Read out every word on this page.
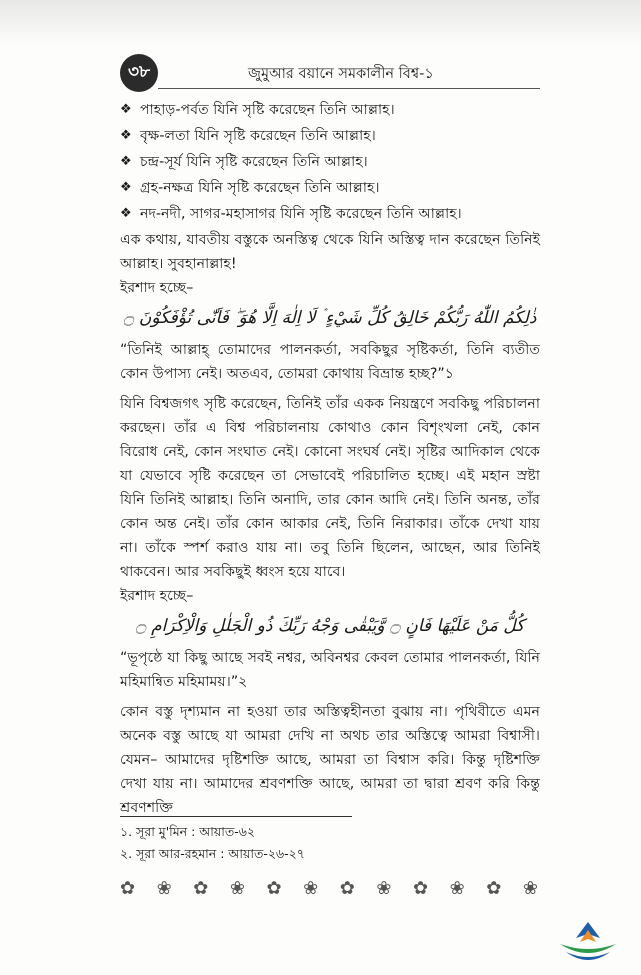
৩৮	জুমুআর বয়ানে সমকালীন বিশ্ব-১
❖ পাহাড়-পর্বত যিনি সৃষ্টি করেছেন তিনি আল্লাহ।
❖ বৃক্ষ-লতা যিনি সৃষ্টি করেছেন তিনি আল্লাহ।
❖ চন্দ্র-সূর্য যিনি সৃষ্টি করেছেন তিনি আল্লাহ।
❖ গ্রহ-নক্ষত্র যিনি সৃষ্টি করেছেন তিনি আল্লাহ।
❖ নদ-নদী, সাগর-মহাসাগর যিনি সৃষ্টি করেছেন তিনি আল্লাহ।

এক কথায়, যাবতীয় বস্তুকে অনস্তিত্ব থেকে যিনি অস্তিত্ব দান করেছেন তিনিই আল্লাহ। সুবহানাল্লাহ!

ইরশাদ হচ্ছে–

ذٰلِكُمُ اللّٰهُ رَبُّكُمْ خَالِقُ كُلِّ شَيْءٍ ۘ لَا اِلٰهَ اِلَّا هُوَ ۖ فَاَنّٰى تُؤْفَكُوْنَ ۝

“তিনিই আল্লাহ্ তোমাদের পালনকর্তা, সবকিছুর সৃষ্টিকর্তা, তিনি ব্যতীত কোন উপাস্য নেই। অতএব, তোমরা কোথায় বিভ্রান্ত হচ্ছ?”১

যিনি বিশ্বজগৎ সৃষ্টি করেছেন, তিনিই তাঁর একক নিয়ন্ত্রণে সবকিছু পরিচালনা করছেন। তাঁর এ বিশ্ব পরিচালনায় কোথাও কোন বিশৃংখলা নেই, কোন বিরোধ নেই, কোন সংঘাত নেই। কোনো সংঘর্ষ নেই। সৃষ্টির আদিকাল থেকে যা যেভাবে সৃষ্টি করেছেন তা সেভাবেই পরিচালিত হচ্ছে। এই মহান স্রষ্টা যিনি তিনিই আল্লাহ। তিনি অনাদি, তার কোন আদি নেই। তিনি অনন্ত, তাঁর কোন অন্ত নেই। তাঁর কোন আকার নেই, তিনি নিরাকার। তাঁকে দেখা যায় না। তাঁকে স্পর্শ করাও যায় না। তবু তিনি ছিলেন, আছেন, আর তিনিই থাকবেন। আর সবকিছুই ধ্বংস হয়ে যাবে।

ইরশাদ হচ্ছে–

كُلُّ مَنْ عَلَيْهَا فَانٍ ۝ وَّيَبْقٰى وَجْهُ رَبِّكَ ذُو الْجَلٰلِ وَالْاِكْرَامِ ۝

“ভূপৃষ্ঠে যা কিছু আছে সবই নশ্বর, অবিনশ্বর কেবল তোমার পালনকর্তা, যিনি মহিমান্বিত মহিমাময়।”২

কোন বস্তু দৃশ্যমান না হওয়া তার অস্তিত্বহীনতা বুঝায় না। পৃথিবীতে এমন অনেক বস্তু আছে যা আমরা দেখি না অথচ তার অস্তিত্বে আমরা বিশ্বাসী। যেমন– আমাদের দৃষ্টিশক্তি আছে, আমরা তা বিশ্বাস করি। কিন্তু দৃষ্টিশক্তি দেখা যায় না। আমাদের শ্রবণশক্তি আছে, আমরা তা দ্বারা শ্রবণ করি কিন্তু শ্রবণশক্তি

১. সূরা মু'মিন : আয়াত-৬২
২. সূরা আর-রহমান : আয়াত-২৬-২৭
✿ ❀ ✿ ❀ ✿ ❀ ✿ ❀ ✿ ❀ ✿ ❀
